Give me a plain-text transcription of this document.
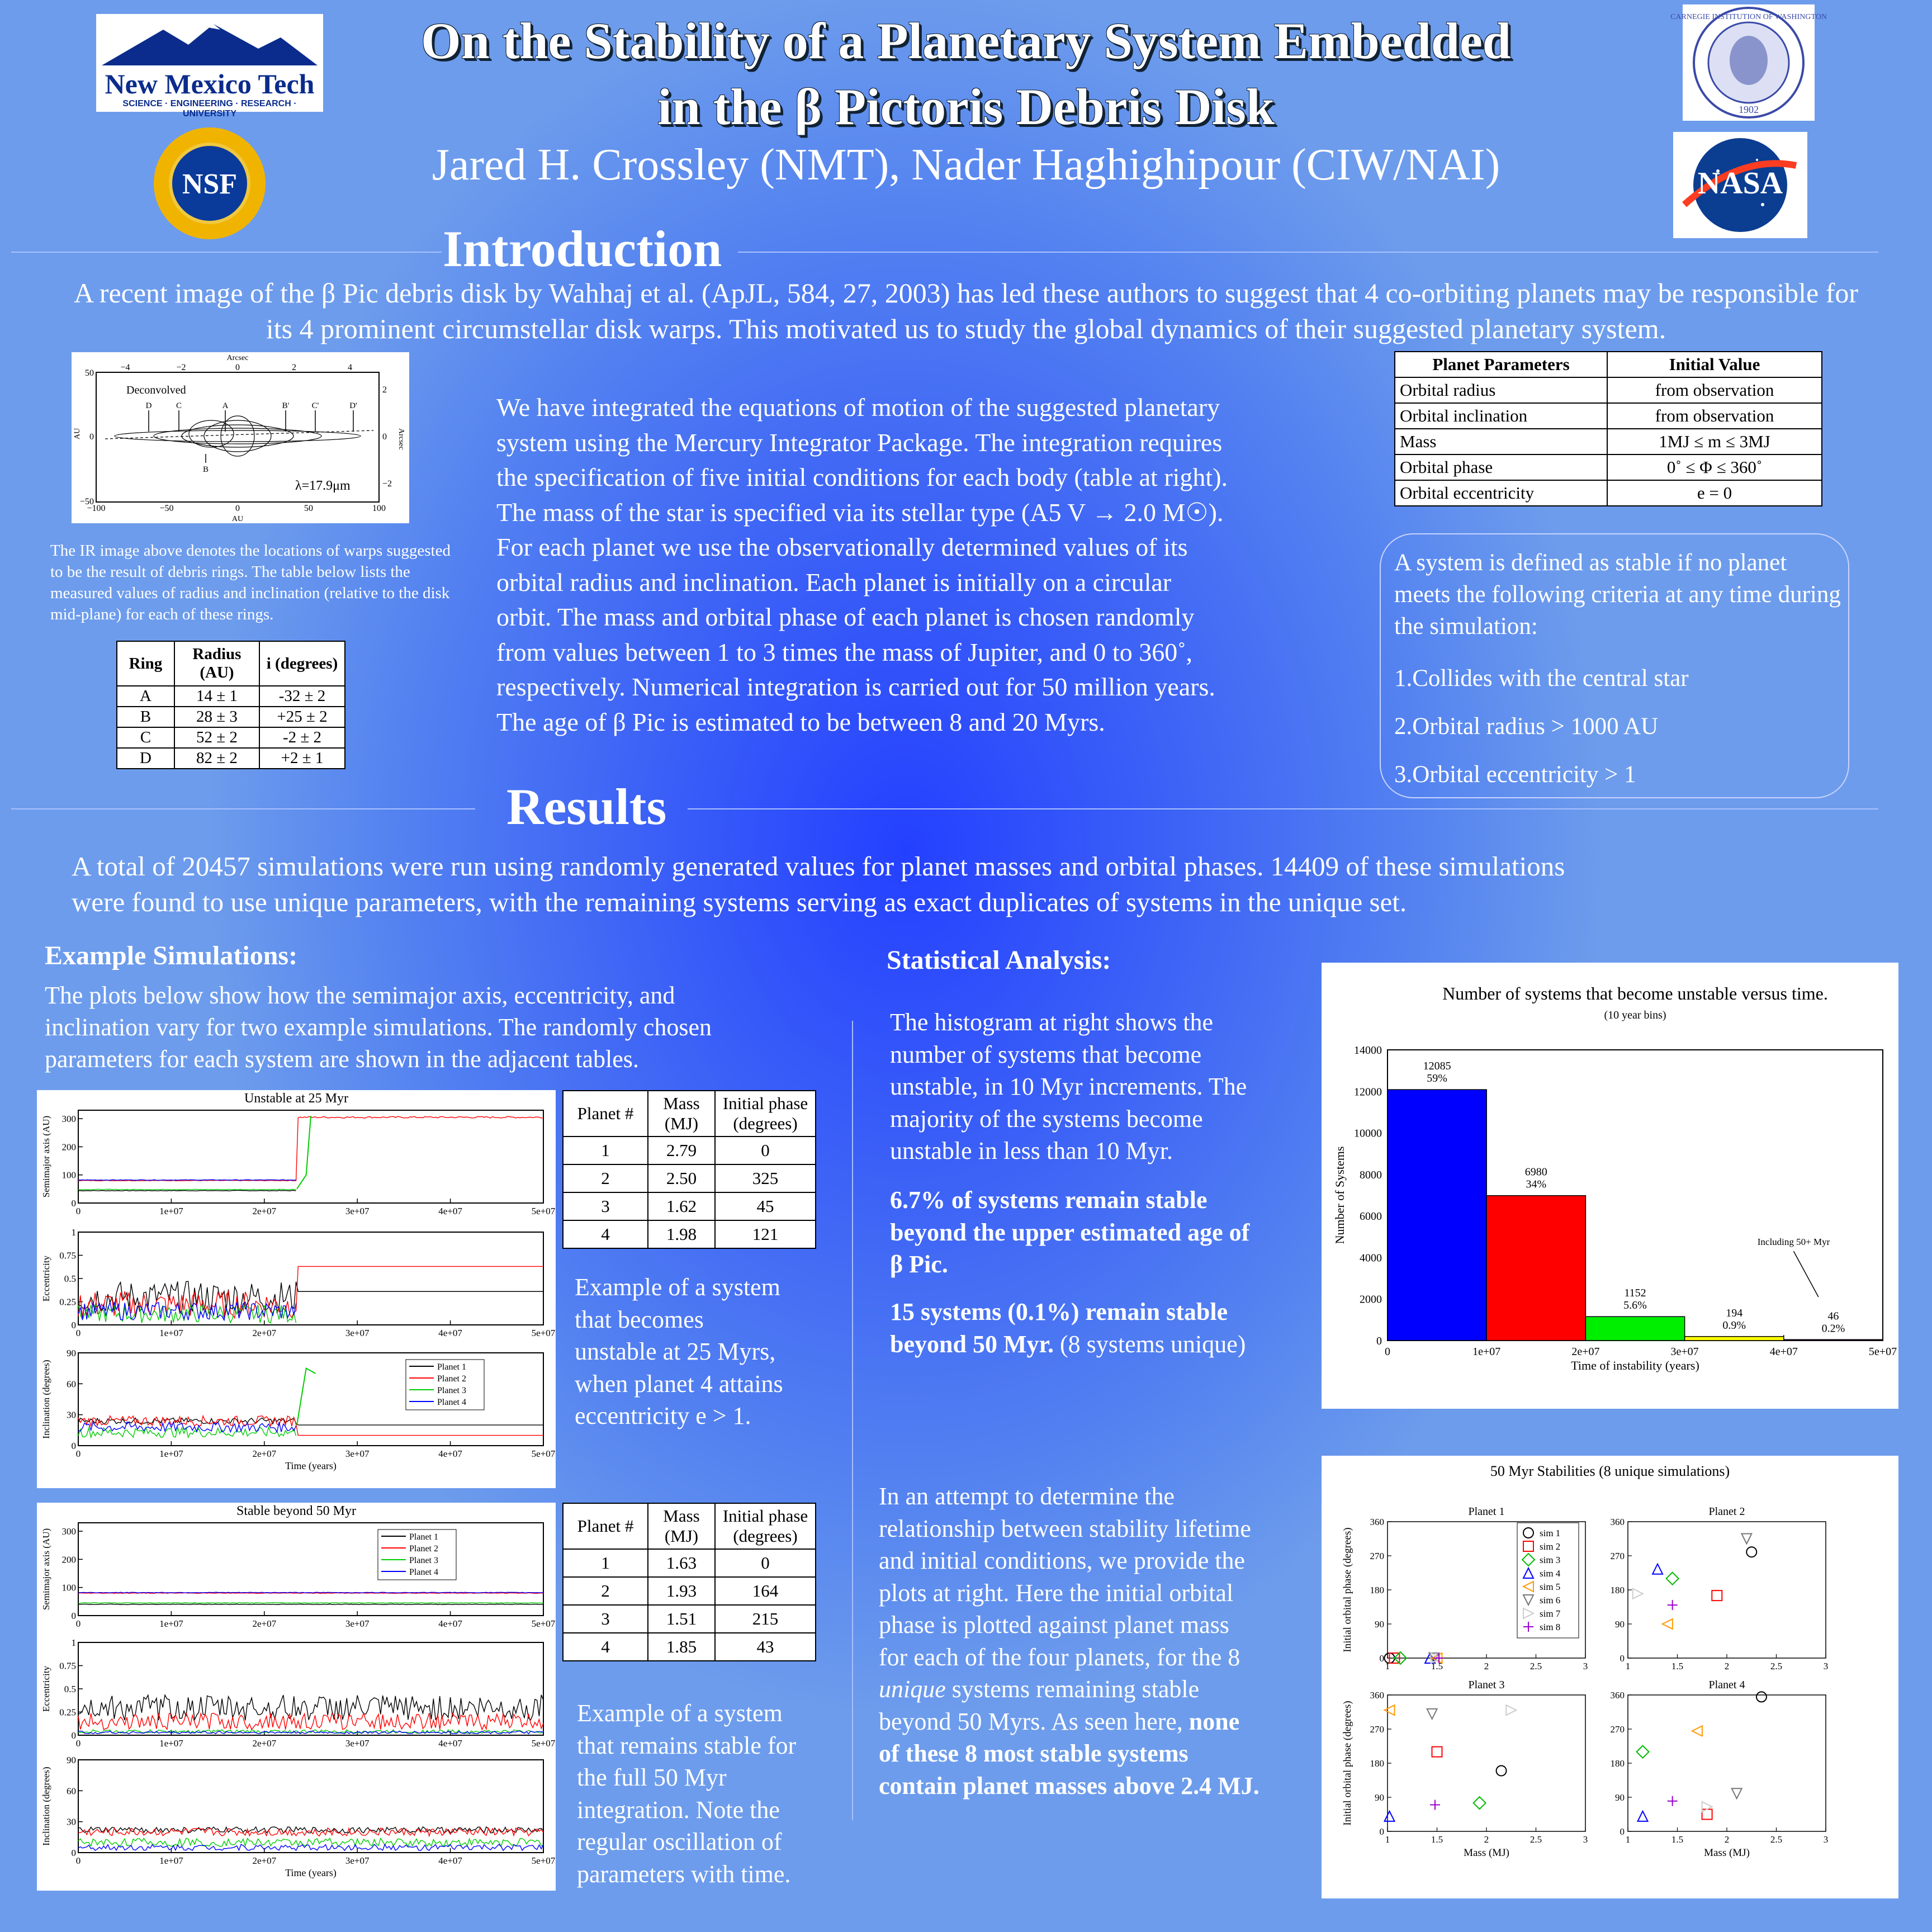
New Mexico Tech
SCIENCE · ENGINEERING · RESEARCH · UNIVERSITY
NSF
CARNEGIE INSTITUTION OF WASHINGTON
1902
NASA
On the Stability of a Planetary System Embedded
in the β Pictoris Debris Disk
Jared H. Crossley (NMT), Nader Haghighipour (CIW/NAI)
Introduction
A recent image of the β Pic debris disk by Wahhaj et al. (ApJL, 584, 27, 2003) has led these authors to suggest that 4 co-orbiting planets may be responsible for its 4 prominent circumstellar disk warps. This motivated us to study the global dynamics of their suggested planetary system.
Arcsec
−4	−2	0	2	4
Deconvolved
D	C	A	B'	C'	D'
B
λ=17.9μm
AU
50
0
−50
2
0
−2
Arcsec
−100	−50	0	50	100
AU
The IR image above denotes the locations of warps suggested to be the result of debris rings. The table below lists the measured values of radius and inclination (relative to the disk mid-plane) for each of these rings.
Ring	Radius (AU)	i (degrees)
A	14 ± 1	-32 ± 2
B	28 ± 3	+25 ± 2
C	52 ± 2	-2 ± 2
D	82 ± 2	+2 ± 1
We have integrated the equations of motion of the suggested planetary
system using the Mercury Integrator Package. The integration requires
the specification of five initial conditions for each body (table at right).
The mass of the star is specified via its stellar type (A5 V → 2.0 M☉).
For each planet we use the observationally determined values of its
orbital radius and inclination. Each planet is initially on a circular
orbit. The mass and orbital phase of each planet is chosen randomly
from values between 1 to 3 times the mass of Jupiter, and 0 to 360˚,
respectively. Numerical integration is carried out for 50 million years.
The age of β Pic is estimated to be between 8 and 20 Myrs.
Planet Parameters	Initial Value
Orbital radius	from observation
Orbital inclination	from observation
Mass	1MJ ≤ m ≤ 3MJ
Orbital phase	0˚ ≤ Φ ≤ 360˚
Orbital eccentricity	e = 0
A system is defined as stable if no planet meets the following criteria at any time during the simulation:
1.Collides with the central star
2.Orbital radius > 1000 AU
3.Orbital eccentricity > 1
Results
A total of 20457 simulations were run using randomly generated values for planet masses and orbital phases. 14409 of these simulations
were found to use unique parameters, with the remaining systems serving as exact duplicates of systems in the unique set.
Example Simulations:
The plots below show how the semimajor axis, eccentricity, and
inclination vary for two example simulations. The randomly chosen
parameters for each system are shown in the adjacent tables.
Unstable at 25 Myr
0
100
200
300
0	1e+07	2e+07	3e+07	4e+07	5e+07
Semimajor axis (AU)
0
0.25
0.5
0.75
1
0	1e+07	2e+07	3e+07	4e+07	5e+07
Eccentricity
0
30
60
90
0	1e+07	2e+07	3e+07	4e+07	5e+07
Inclination (degrees)	Planet 1
Planet 2
Planet 3
Planet 4
Time (years)
Stable beyond 50 Myr
0
100
200
300
0	1e+07	2e+07	3e+07	4e+07	5e+07
Semimajor axis (AU)	Planet 1
Planet 2
Planet 3
Planet 4
0
0.25
0.5
0.75
1
0	1e+07	2e+07	3e+07	4e+07	5e+07
Eccentricity
0
30
60
90
0	1e+07	2e+07	3e+07	4e+07	5e+07
Inclination (degrees)
Time (years)
Planet #	Mass (MJ)	Initial phase (degrees)
1	2.79	0
2	2.50	325
3	1.62	45
4	1.98	121
Example of a system
that becomes
unstable at 25 Myrs,
when planet 4 attains
eccentricity e > 1.
Planet #	Mass (MJ)	Initial phase (degrees)
1	1.63	0
2	1.93	164
3	1.51	215
4	1.85	43
Example of a system
that remains stable for
the full 50 Myr
integration. Note the
regular oscillation of
parameters with time.
Statistical Analysis:
The histogram at right shows the
number of systems that become
unstable, in 10 Myr increments. The
majority of the systems become
unstable in less than 10 Myr.
6.7% of systems remain stable
beyond the upper estimated age of
β Pic.
15 systems (0.1%) remain stable
beyond 50 Myr. (8 systems unique)
Number of systems that become unstable versus time.
(10 year bins)
0
2000
4000
6000
8000
10000
12000
14000
0	1e+07	2e+07	3e+07	4e+07	5e+07
12085
59%
6980
34%
1152
5.6%
194
0.9%
46
0.2%
Including 50+ Myr
Number of Systems
Time of instability (years)
In an attempt to determine the
relationship between stability lifetime
and initial conditions, we provide the
plots at right. Here the initial orbital
phase is plotted against planet mass
for each of the four planets, for the 8
unique systems remaining stable
beyond 50 Myrs. As seen here, none
of these 8 most stable systems
contain planet masses above 2.4 MJ.
50 Myr Stabilities (8 unique simulations)
Planet 1
0
90
180
270
360
1	1.5	2	2.5	3
Initial orbital phase (degrees)	sim 1
sim 2
sim 3
sim 4
sim 5
sim 6
sim 7
sim 8
Planet 2
0
90
180
270
360
1	1.5	2	2.5	3
Planet 3
0
90
180
270
360
1	1.5	2	2.5	3
Initial orbital phase (degrees)
Mass (MJ)
Planet 4
0
90
180
270
360
1	1.5	2	2.5	3
Mass (MJ)
